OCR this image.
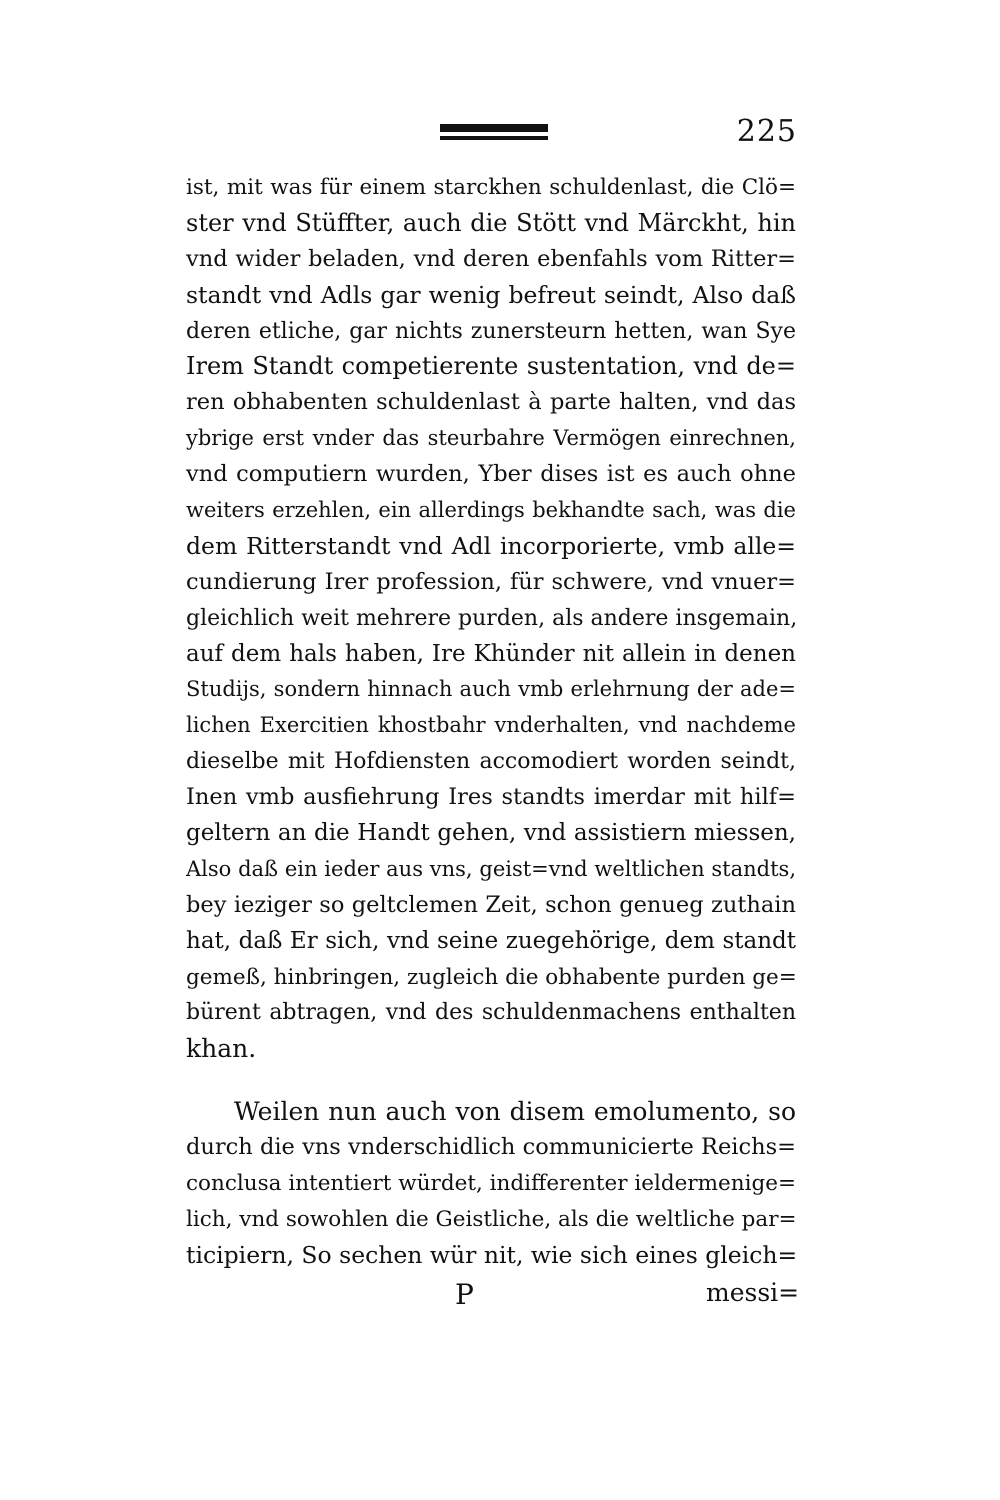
225
ist, mit was für einem starckhen schuldenlast, die Clö=
ster vnd Stüffter, auch die Stött vnd Märckht, hin
vnd wider beladen, vnd deren ebenfahls vom Ritter=
standt vnd Adls gar wenig befreut seindt, Also daß
deren etliche, gar nichts zunersteurn hetten, wan Sye
Irem Standt competierente sustentation, vnd de=
ren obhabenten schuldenlast à parte halten, vnd das
ybrige erst vnder das steurbahre Vermögen einrechnen,
vnd computiern wurden, Yber dises ist es auch ohne
weiters erzehlen, ein allerdings bekhandte sach, was die
dem Ritterstandt vnd Adl incorporierte, vmb alle=
cundierung Irer profession, für schwere, vnd vnuer=
gleichlich weit mehrere purden, als andere insgemain,
auf dem hals haben, Ire Khünder nit allein in denen
Studijs, sondern hinnach auch vmb erlehrnung der ade=
lichen Exercitien khostbahr vnderhalten, vnd nachdeme
dieselbe mit Hofdiensten accomodiert worden seindt,
Inen vmb ausfiehrung Ires standts imerdar mit hilf=
geltern an die Handt gehen, vnd assistiern miessen,
Also daß ein ieder aus vns, geist=vnd weltlichen standts,
bey ieziger so geltclemen Zeit, schon genueg zuthain
hat, daß Er sich, vnd seine zuegehörige, dem standt
gemeß, hinbringen, zugleich die obhabente purden ge=
bürent abtragen, vnd des schuldenmachens enthalten
khan.
Weilen nun auch von disem emolumento, so
durch die vns vnderschidlich communicierte Reichs=
conclusa intentiert würdet, indifferenter ieldermenige=
lich, vnd sowohlen die Geistliche, als die weltliche par=
ticipiern, So sechen wür nit, wie sich eines gleich=
P	messi=
